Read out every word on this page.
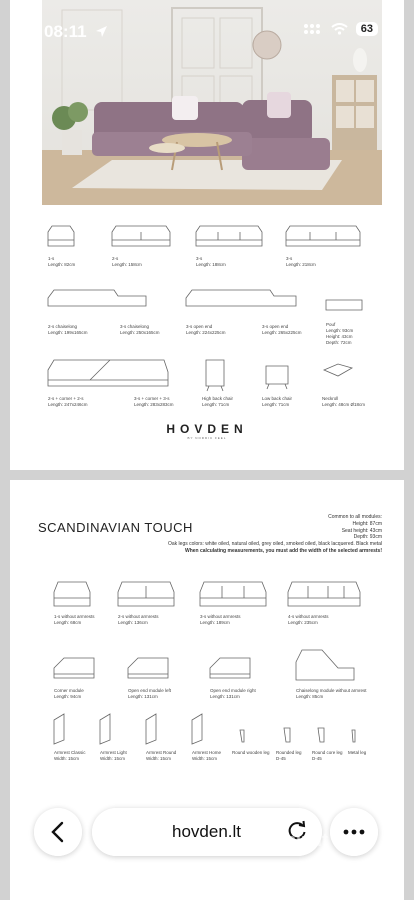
08:11	63
1-s
Length: 82cm
2-s
Length: 158cm
3-s
Length: 188cm
3-s
Length: 218cm
2-s chaiselong
Length: 199x165cm
3-s chaiselong
Length: 250x165cm
3-s open end
Length: 224x225cm
3-s open end
Length: 265x225cm
Pouf
Length: 93cm
Height: 43cm
Depth: 72cm
2-s + corner + 2-s
Length: 247x246cm
3-s + corner + 3-s
Length: 283x283cm
High back chair
Length: 71cm
Low back chair
Length: 71cm
Neckroll
Length: 48cm Ø18cm
HOVDEN
BY NORDIC FEEL
SCANDINAVIAN TOUCH
Common to all modules:
Height: 87cm
Seat height: 43cm
Depth: 93cm
Oak legs colors: white oiled, natural oiled, grey oiled, smoked oiled, black lacquered. Black metal
When calculating measurements, you must add the width of the selected armrests!
1-s without armrests
Length: 68cm
2-s without armrests
Length: 136cm
3-s without armrests
Length: 189cm
4-s without armrests
Length: 235cm
Corner module
Length: 94cm
Open end module left
Length: 131cm
Open end module right
Length: 131cm
Chaiselong module without armrest
Length: 85cm
Armrest Classic
Width: 15cm
Armrest Light
Width: 15cm
Armrest Round
Width: 15cm
Armrest Home
Width: 15cm
Round wooden leg Rounded leg
D-45
Round core leg
D-45
Metal leg
hovden.lt skelbiu.lt
